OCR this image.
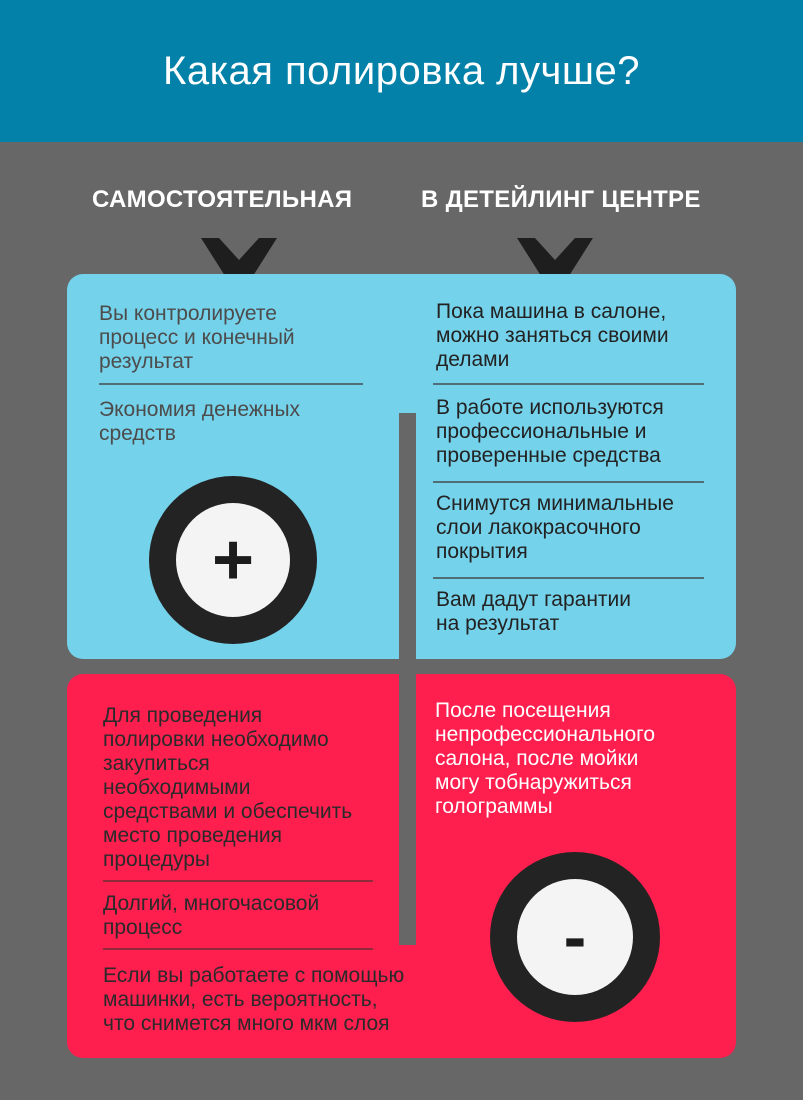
Какая полировка лучше?
САМОСТОЯТЕЛЬНАЯ	В ДЕТЕЙЛИНГ ЦЕНТРЕ
Вы контролируете
процесс и конечный
результат
Экономия денежных
средств
+
Пока машина в салоне,
можно заняться своими
делами
В работе используются
профессиональные и
проверенные средства
Снимутся минимальные
слои лакокрасочного
покрытия
Вам дадут гарантии
на результат
Для проведения
полировки необходимо
закупиться
необходимыми
средствами и обеспечить
место проведения
процедуры
Долгий, многочасовой
процесс
Если вы работаете с помощью
машинки, есть вероятность,
что снимется много мкм слоя
После посещения
непрофессионального
салона, после мойки
могу тобнаружиться
голограммы
-
